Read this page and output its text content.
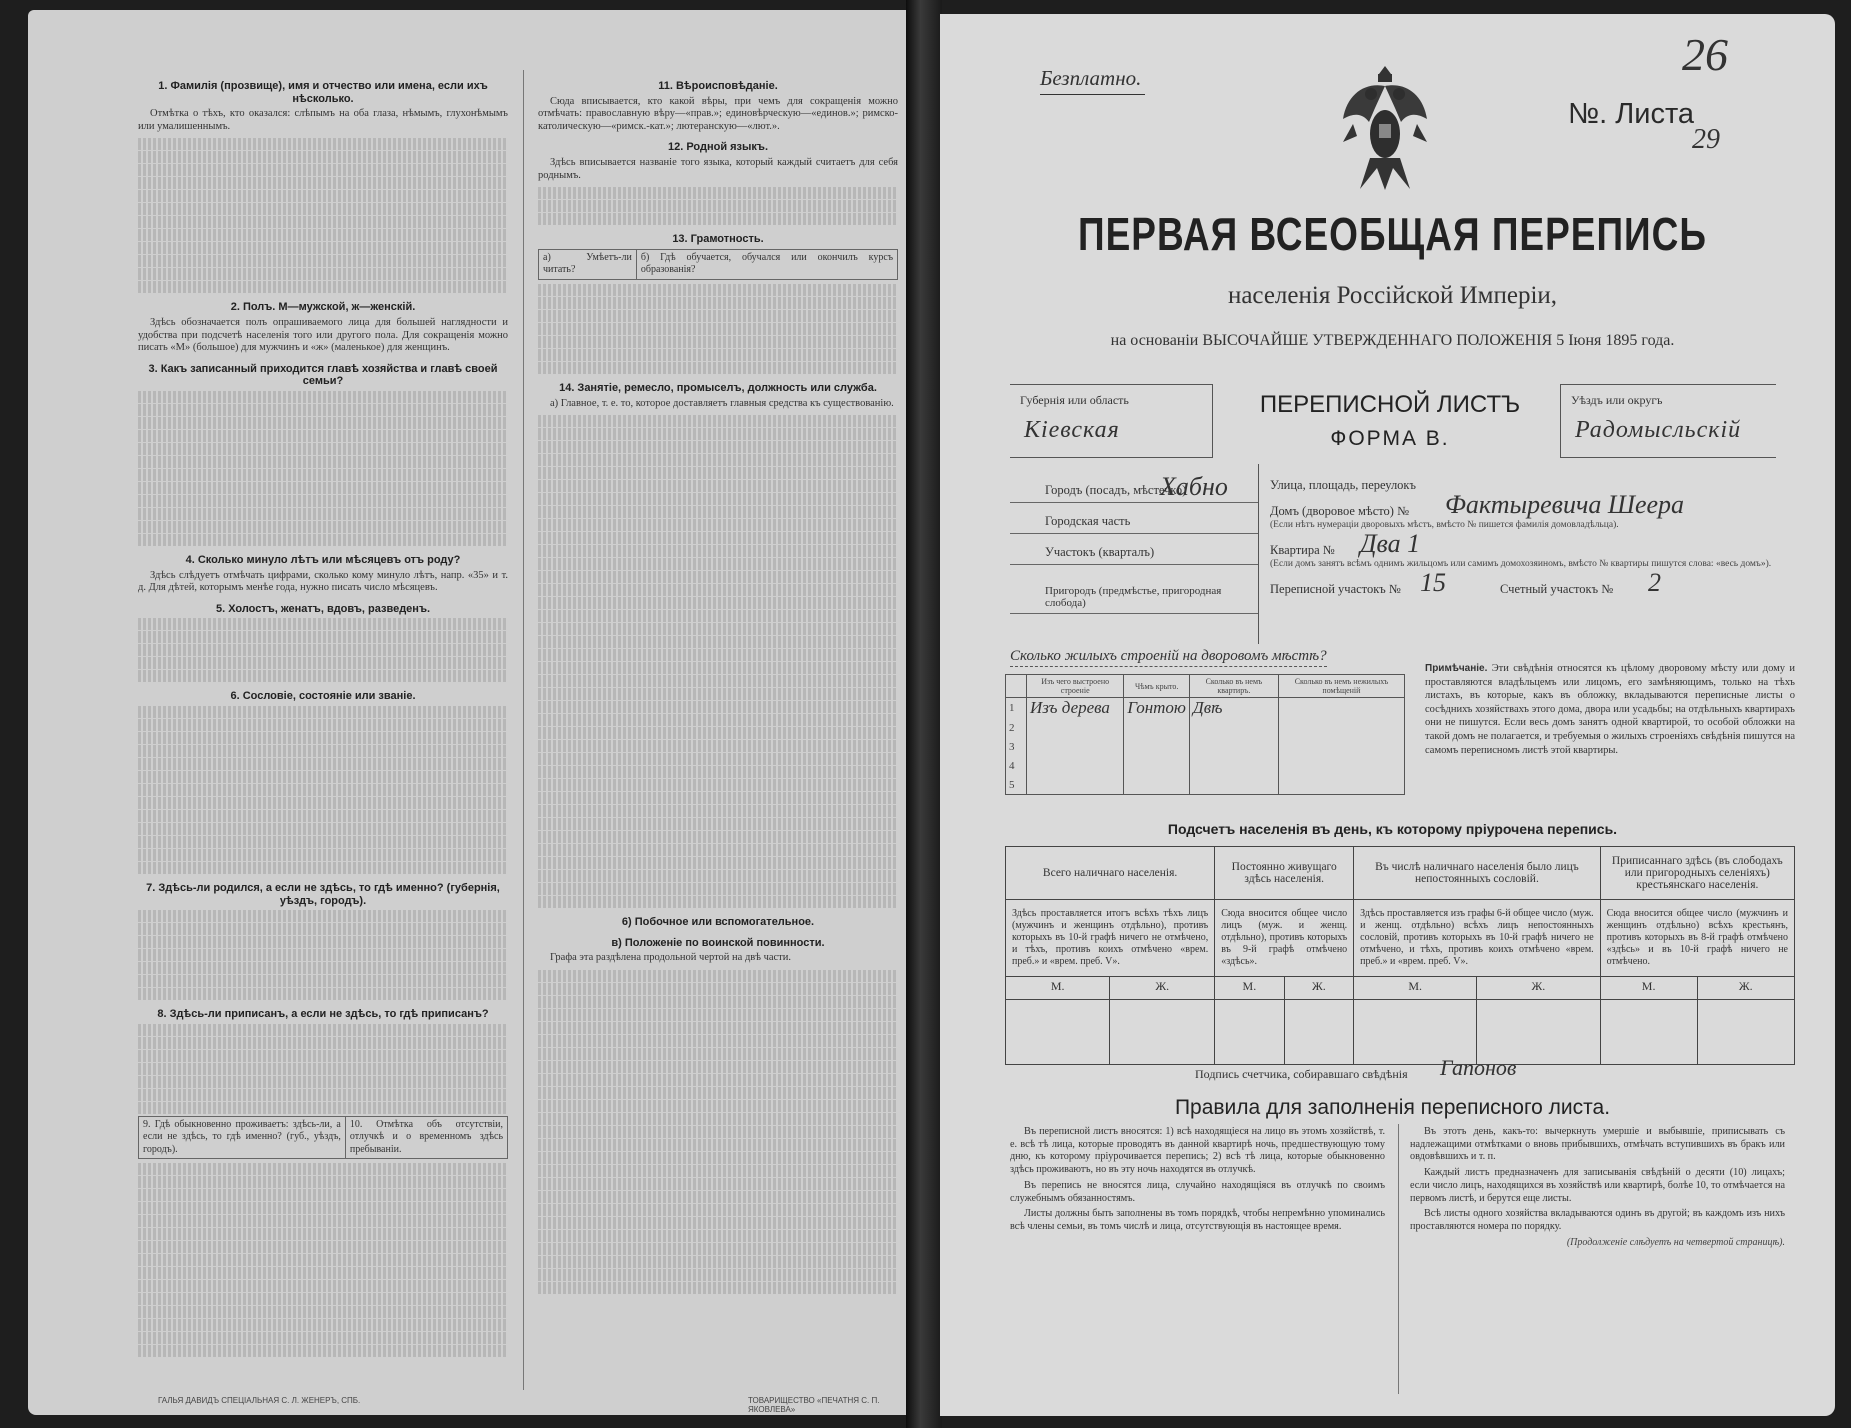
1. Фамилія (прозвище), имя и отчество или имена, если ихъ нѣсколько.

Отмѣтка о тѣхъ, кто оказался: слѣпымъ на оба глаза, нѣмымъ, глухонѣмымъ или умалишеннымъ.

2. Полъ. М—мужской, ж—женскій.

Здѣсь обозначается полъ опрашиваемого лица для большей наглядности и удобства при подсчетѣ населенія того или другого пола. Для сокращенія можно писать «М» (большое) для мужчинъ и «ж» (маленькое) для женщинъ.

3. Какъ записанный приходится главѣ хозяйства и главѣ своей семьи?
4. Сколько минуло лѣтъ или мѣсяцевъ отъ роду?

Здѣсь слѣдуетъ отмѣчать цифрами, сколько кому минуло лѣтъ, напр. «35» и т. д. Для дѣтей, которымъ менѣе года, нужно писать число мѣсяцевъ.

5. Холостъ, женатъ, вдовъ, разведенъ.
6. Сословіе, состояніе или званіе.
7. Здѣсь-ли родился, а если не здѣсь, то гдѣ именно? (губернія, уѣздъ, городъ).
8. Здѣсь-ли приписанъ, а если не здѣсь, то гдѣ приписанъ?
9. Гдѣ обыкновенно проживаетъ: здѣсь-ли, а если не здѣсь, то гдѣ именно? (губ., уѣздъ, городъ).	10. Отмѣтка объ отсутствіи, отлучкѣ и о временномъ здѣсь пребываніи.
11. Вѣроисповѣданіе.

Сюда вписывается, кто какой вѣры, при чемъ для сокращенія можно отмѣчать: православную вѣру—«прав.»; единовѣрческую—«единов.»; римско-католическую—«римск.-кат.»; лютеранскую—«лют.».

12. Родной языкъ.

Здѣсь вписывается названіе того языка, который каждый считаетъ для себя роднымъ.

13. Грамотность.
а) Умѣетъ-ли читать?	б) Гдѣ обучается, обучался или окончилъ курсъ образованія?
14. Занятіе, ремесло, промыселъ, должность или служба.

а) Главное, т. е. то, которое доставляетъ главныя средства къ существованію.

6) Побочное или вспомогательное.
в) Положеніе по воинской повинности.

Графа эта раздѣлена продольной чертой на двѣ части.

ГАЛЬЯ ДАВИДЪ СПЕЦІАЛЬНАЯ С. Л. ЖЕНЕРЪ, СПБ.	ТОВАРИЩЕСТВО «ПЕЧАТНЯ С. П. ЯКОВЛЕВА»
Безплатно.
№. Листа
26
29
ПЕРВАЯ ВСЕОБЩАЯ ПЕРЕПИСЬ
населенія Россійской Имперіи,
на основаніи ВЫСОЧАЙШЕ УТВЕРЖДЕННАГО ПОЛОЖЕНІЯ 5 Іюня 1895 года.
Губернія или область
Кіевская
ПЕРЕПИСНОЙ ЛИСТЪ
ФОРМА В.
Уѣздъ или округъ
Радомысльскій
Городъ (посадъ, мѣстечко)
Хабно
Городская часть
Участокъ (кварталъ)
Пригородъ (предмѣстье, пригородная слобода)
Улица, площадь, переулокъ
Домъ (дворовое мѣсто) № Фактыревича Шеера
(Если нѣтъ нумераціи дворовыхъ мѣстъ, вмѣсто № пишется фамилія домовладѣльца).
Квартира № Два 1
(Если домъ занятъ всѣмъ однимъ жильцомъ или самимъ домохозяиномъ, вмѣсто № квартиры пишутся слова: «весь домъ»).
Переписной участокъ № 15	Счетный участокъ № 2
Сколько жилыхъ строеній на дворовомъ мѣстѣ?
	Изъ чего выстроено строеніе	Чѣмъ крыто.	Сколько въ немъ квартиръ.	Сколько въ немъ нежилыхъ помѣщеній
1	Изъ дерева	Гонтою	Двѣ	
2				
3				
4				
5				
Примѣчаніе. Эти свѣдѣнія относятся къ цѣлому дворовому мѣсту или дому и проставляются владѣльцемъ или лицомъ, его замѣняющимъ, только на тѣхъ листахъ, въ которые, какъ въ обложку, вкладываются переписные листы о сосѣднихъ хозяйствахъ этого дома, двора или усадьбы; на отдѣльныхъ квартирахъ они не пишутся. Если весь домъ занятъ одной квартирой, то особой обложки на такой домъ не полагается, и требуемыя о жилыхъ строеніяхъ свѣдѣнія пишутся на самомъ переписномъ листѣ этой квартиры.
Подсчетъ населенія въ день, къ которому пріурочена перепись.
Всего наличнаго населенія.		Постоянно живущаго здѣсь населенія.		Въ числѣ наличнаго населенія было лицъ непостоянныхъ сословій.		Приписаннаго здѣсь (въ слободахъ или пригородныхъ селеніяхъ) крестьянскаго населенія.	
Здѣсь проставляется итогъ всѣхъ тѣхъ лицъ (мужчинъ и женщинъ отдѣльно), противъ которыхъ въ 10-й графѣ ничего не отмѣчено, и тѣхъ, противъ коихъ отмѣчено «врем. преб.» и «врем. преб. V».		Сюда вносится общее число лицъ (муж. и женщ. отдѣльно), противъ которыхъ въ 9-й графѣ отмѣчено «здѣсь».		Здѣсь проставляется изъ графы 6-й общее число (муж. и женщ. отдѣльно) всѣхъ лицъ непостоянныхъ сословій, противъ которыхъ въ 10-й графѣ ничего не отмѣчено, и тѣхъ, противъ коихъ отмѣчено «врем. преб.» и «врем. преб. V».		Сюда вносится общее число (мужчинъ и женщинъ отдѣльно) всѣхъ крестьянъ, противъ которыхъ въ 8-й графѣ отмѣчено «здѣсь» и въ 10-й графѣ ничего не отмѣчено.	
М.	Ж.	М.	Ж.	М.	Ж.	М.	Ж.

Подпись счетчика, собиравшаго свѣдѣнія Гапонов
Правила для заполненія переписного листа.

Въ переписной листъ вносятся: 1) всѣ находящіеся на лицо въ этомъ хозяйствѣ, т. е. всѣ тѣ лица, которые проводятъ въ данной квартирѣ ночь, предшествующую тому дню, къ которому пріурочивается перепись; 2) всѣ тѣ лица, которые обыкновенно здѣсь проживаютъ, но въ эту ночь находятся въ отлучкѣ.

Въ перепись не вносятся лица, случайно находящіяся въ отлучкѣ по своимъ служебнымъ обязанностямъ.

Листы должны быть заполнены въ томъ порядкѣ, чтобы непремѣнно упоминались всѣ члены семьи, въ томъ числѣ и лица, отсутствующія въ настоящее время.

Въ этотъ день, какъ-то: вычеркнуть умершіе и выбывшіе, приписывать съ надлежащими отмѣтками о вновь прибывшихъ, отмѣчать вступившихъ въ бракъ или овдовѣвшихъ и т. п.

Каждый листъ предназначенъ для записыванія свѣдѣній о десяти (10) лицахъ; если число лицъ, находящихся въ хозяйствѣ или квартирѣ, болѣе 10, то отмѣчается на первомъ листѣ, и берутся еще листы.

Всѣ листы одного хозяйства вкладываются одинъ въ другой; въ каждомъ изъ нихъ проставляются номера по порядку.

(Продолженіе слѣдуетъ на четвертой страницѣ).
